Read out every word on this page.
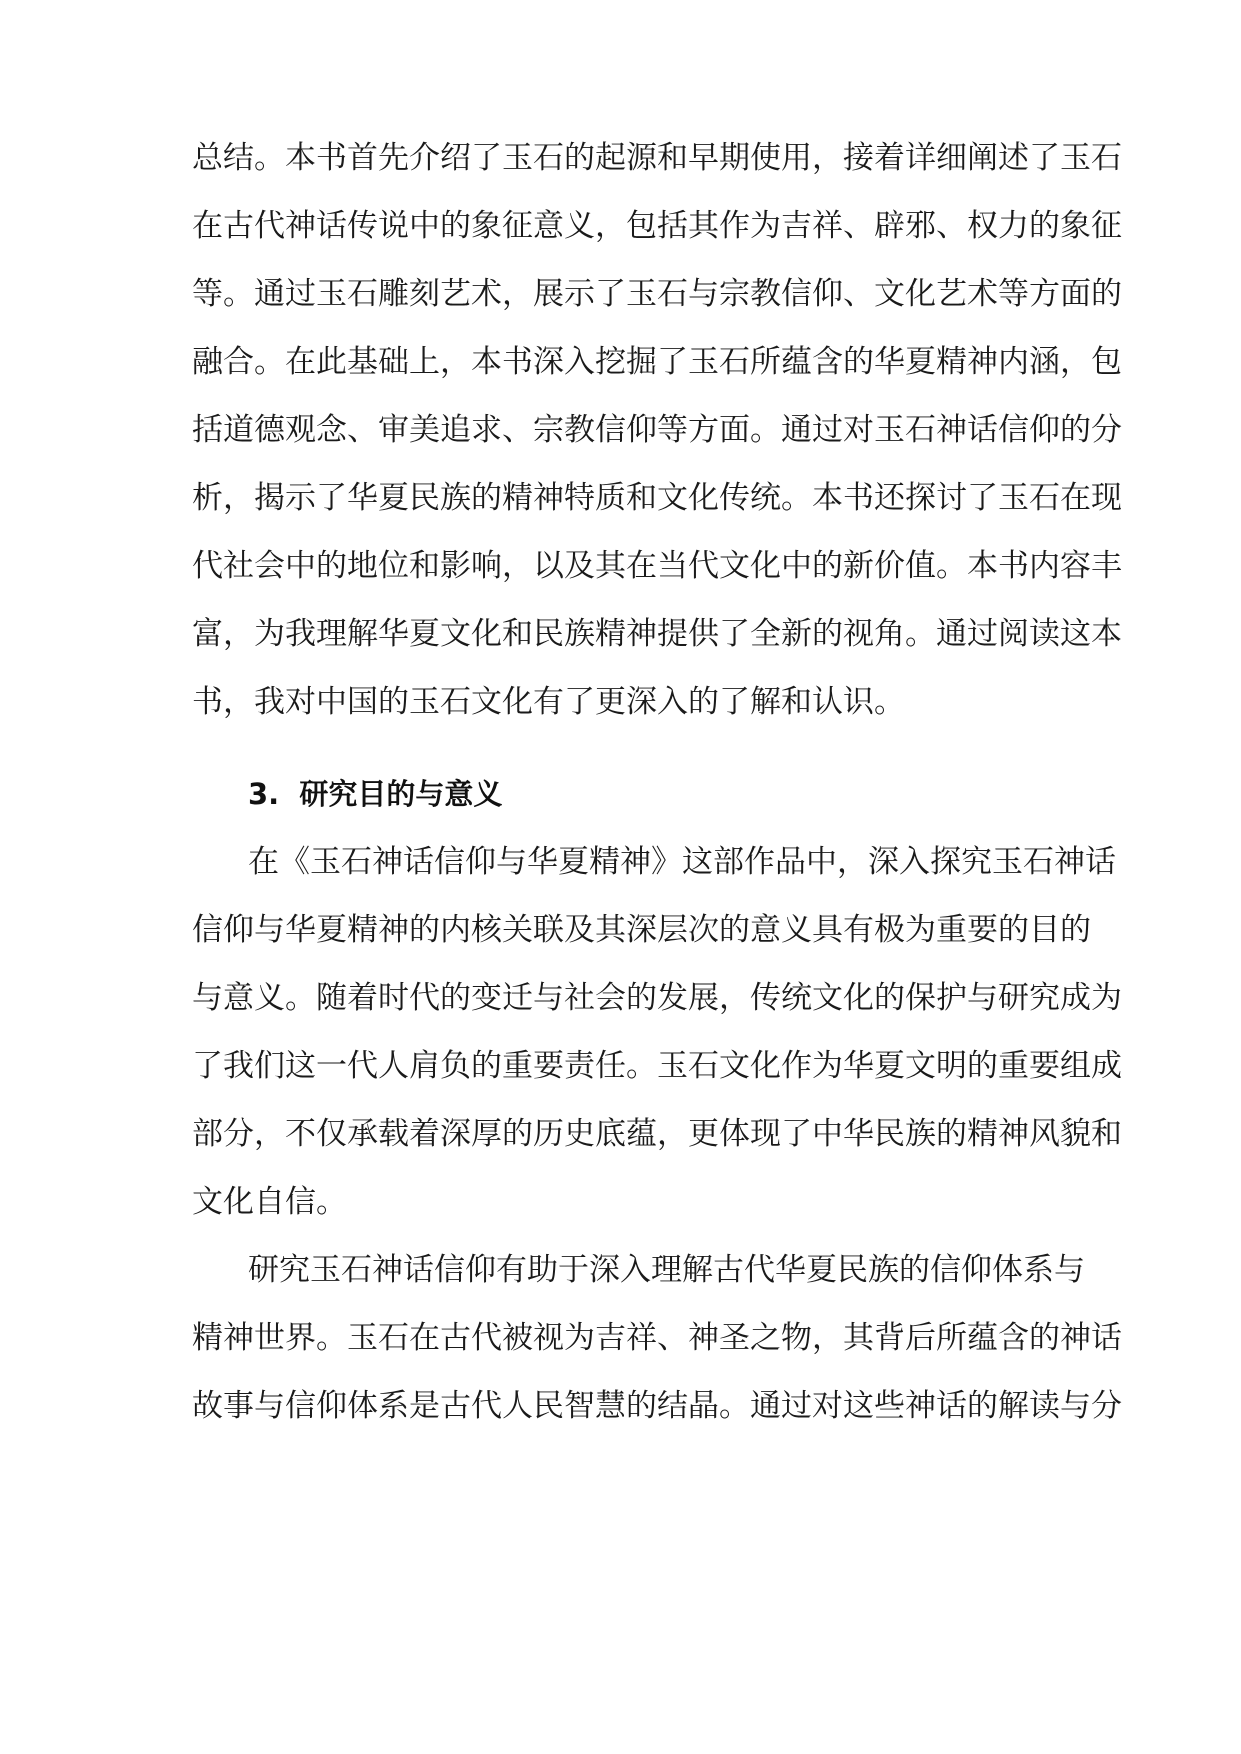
总结。本书首先介绍了玉石的起源和早期使用，接着详细阐述了玉石
在古代神话传说中的象征意义，包括其作为吉祥、辟邪、权力的象征
等。通过玉石雕刻艺术，展示了玉石与宗教信仰、文化艺术等方面的
融合。在此基础上，本书深入挖掘了玉石所蕴含的华夏精神内涵，包
括道德观念、审美追求、宗教信仰等方面。通过对玉石神话信仰的分
析，揭示了华夏民族的精神特质和文化传统。本书还探讨了玉石在现
代社会中的地位和影响，以及其在当代文化中的新价值。本书内容丰
富，为我理解华夏文化和民族精神提供了全新的视角。通过阅读这本
书，我对中国的玉石文化有了更深入的了解和认识。
3. 研究目的与意义
在《玉石神话信仰与华夏精神》这部作品中，深入探究玉石神话
信仰与华夏精神的内核关联及其深层次的意义具有极为重要的目的
与意义。随着时代的变迁与社会的发展，传统文化的保护与研究成为
了我们这一代人肩负的重要责任。玉石文化作为华夏文明的重要组成
部分，不仅承载着深厚的历史底蕴，更体现了中华民族的精神风貌和
文化自信。
研究玉石神话信仰有助于深入理解古代华夏民族的信仰体系与
精神世界。玉石在古代被视为吉祥、神圣之物，其背后所蕴含的神话
故事与信仰体系是古代人民智慧的结晶。通过对这些神话的解读与分
